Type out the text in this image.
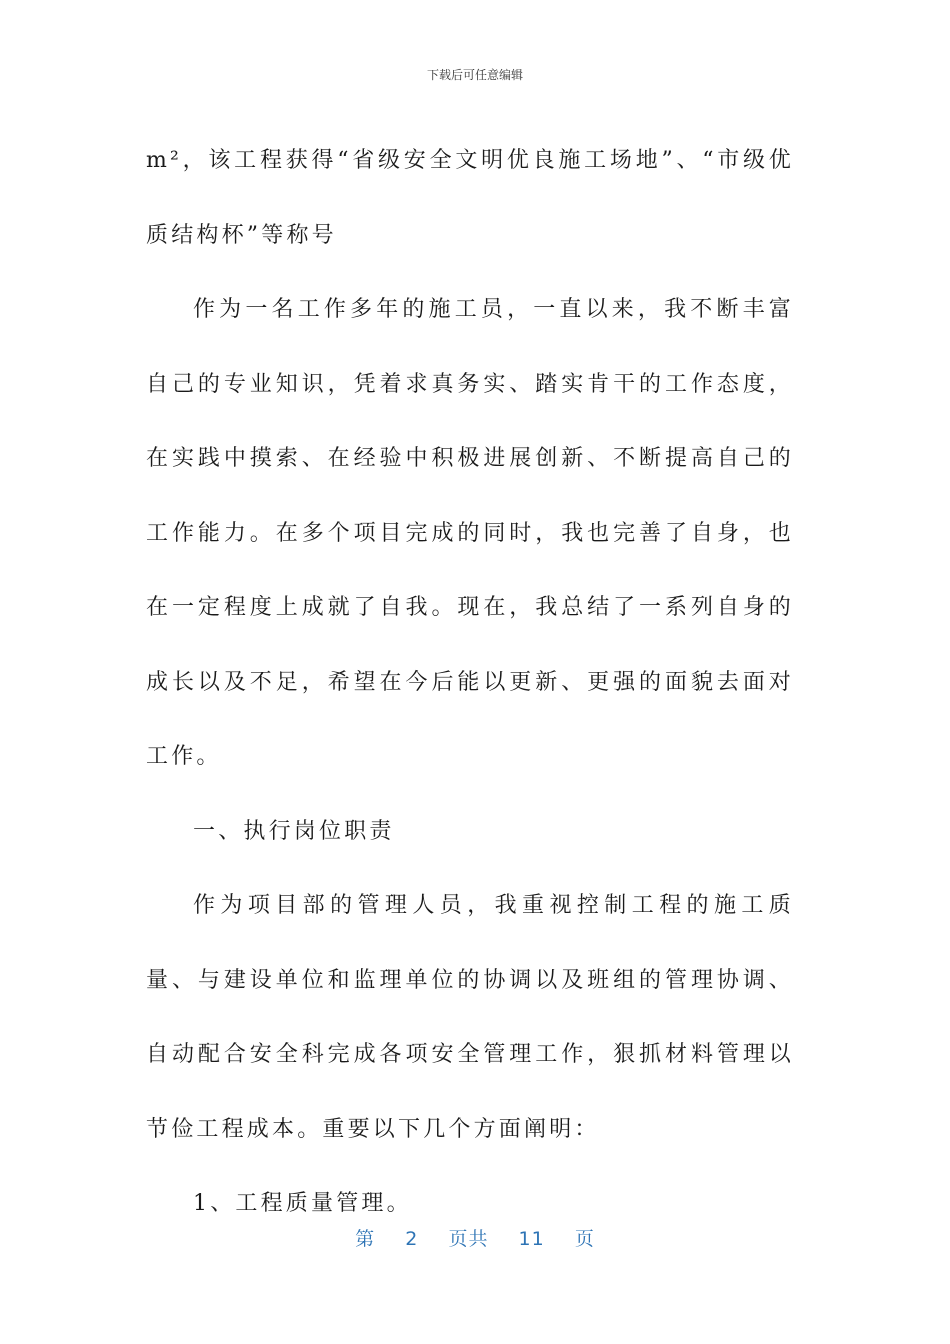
下载后可任意编辑

m²，该工程获得“省级安全文明优良施工场地”、“市级优质结构杯”等称号

作为一名工作多年的施工员，一直以来，我不断丰富自己的专业知识，凭着求真务实、踏实肯干的工作态度，在实践中摸索、在经验中积极进展创新、不断提高自己的工作能力。在多个项目完成的同时，我也完善了自身，也在一定程度上成就了自我。现在，我总结了一系列自身的成长以及不足，希望在今后能以更新、更强的面貌去面对工作。

一、执行岗位职责

作为项目部的管理人员，我重视控制工程的施工质量、与建设单位和监理单位的协调以及班组的管理协调、自动配合安全科完成各项安全管理工作，狠抓材料管理以节俭工程成本。重要以下几个方面阐明：

1、工程质量管理。

第 2 页共 11 页
